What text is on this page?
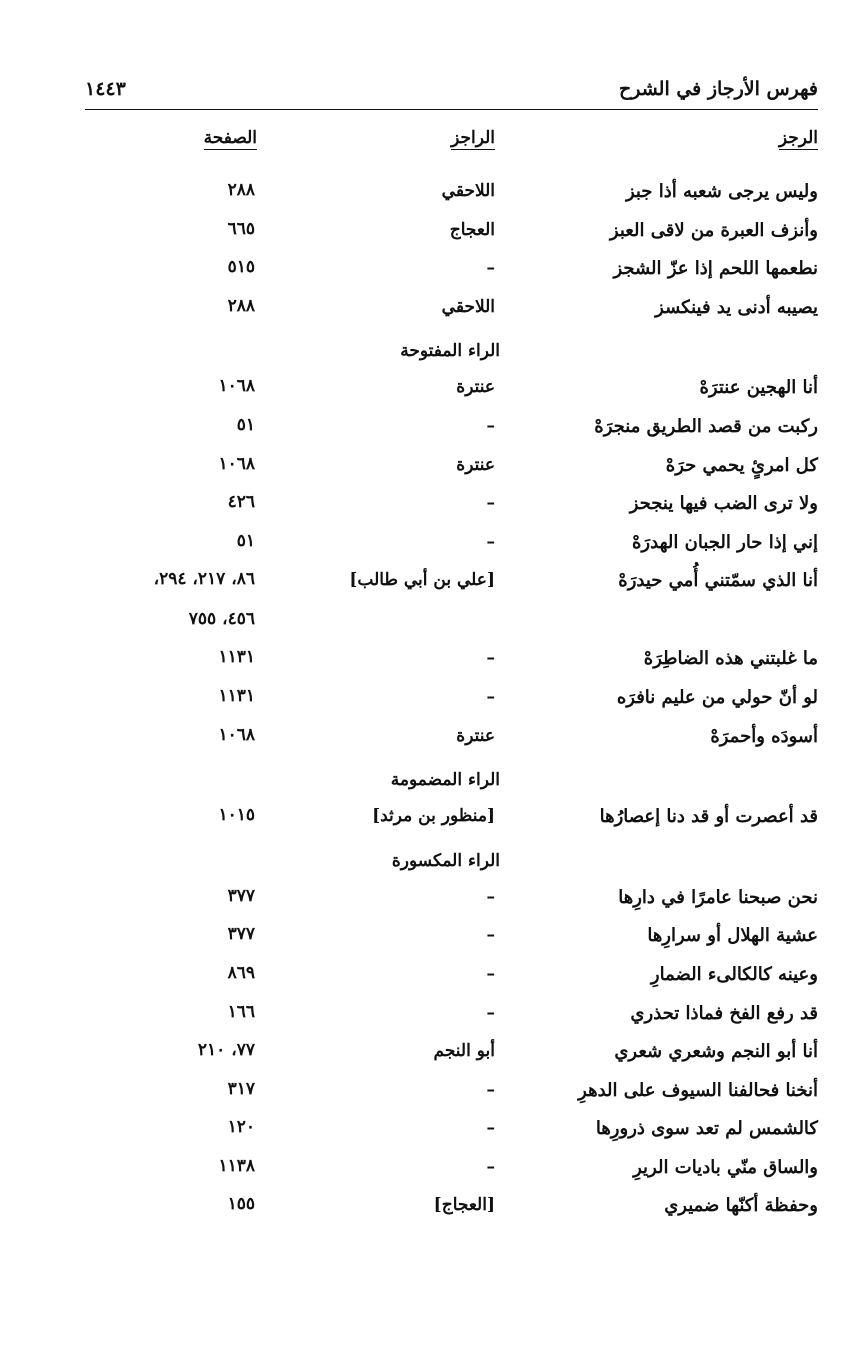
فهرس الأرجاز في الشرح
١٤٤٣
الرجز
الراجز
الصفحة
وليس يرجى شعبه أذا جبز
اللاحقي
٢٨٨
وأنزف العبرة من لاقى العبز
العجاج
٦٦٥
نطعمها اللحم إذا عزّ الشجز
–
٥١٥
يصيبه أدنى يد فينكسز
اللاحقي
٢٨٨
الراء المفتوحة
أنا الهجين عنترَهْ
عنترة
١٠٦٨
ركبت من قصد الطريق منجرَهْ
–
٥١
كل امرئٍ يحمي حرَهْ
عنترة
١٠٦٨
ولا ترى الضب فيها ينجحز
–
٤٢٦
إني إذا حار الجبان الهدرَهْ
–
٥١
أنا الذي سمّتني أُمي حيدرَهْ
[علي بن أبي طالب]
٨٦، ٢١٧، ٢٩٤،
٤٥٦، ٧٥٥
ما غلبتني هذه الضاطِرَهْ
–
١١٣١
لو أنّ حولي من عليم نافرَه
–
١١٣١
أسودَه وأحمرَهْ
عنترة
١٠٦٨
الراء المضمومة
قد أعصرت أو قد دنا إعصارُها
[منظور بن مرثد]
١٠١٥
الراء المكسورة
نحن صبحنا عامرًا في دارِها
–
٣٧٧
عشية الهلال أو سرارِها
–
٣٧٧
وعينه كالكالىء الضمارِ
–
٨٦٩
قد رفع الفخ فماذا تحذري
–
١٦٦
أنا أبو النجم وشعري شعري
أبو النجم
٧٧، ٢١٠
أنخنا فحالفنا السيوف على الدهرِ
–
٣١٧
كالشمس لم تعد سوى ذرورِها
–
١٢٠
والساق منّي باديات الريرِ
–
١١٣٨
وحفظة أكنّها ضميري
[العجاج]
١٥٥
